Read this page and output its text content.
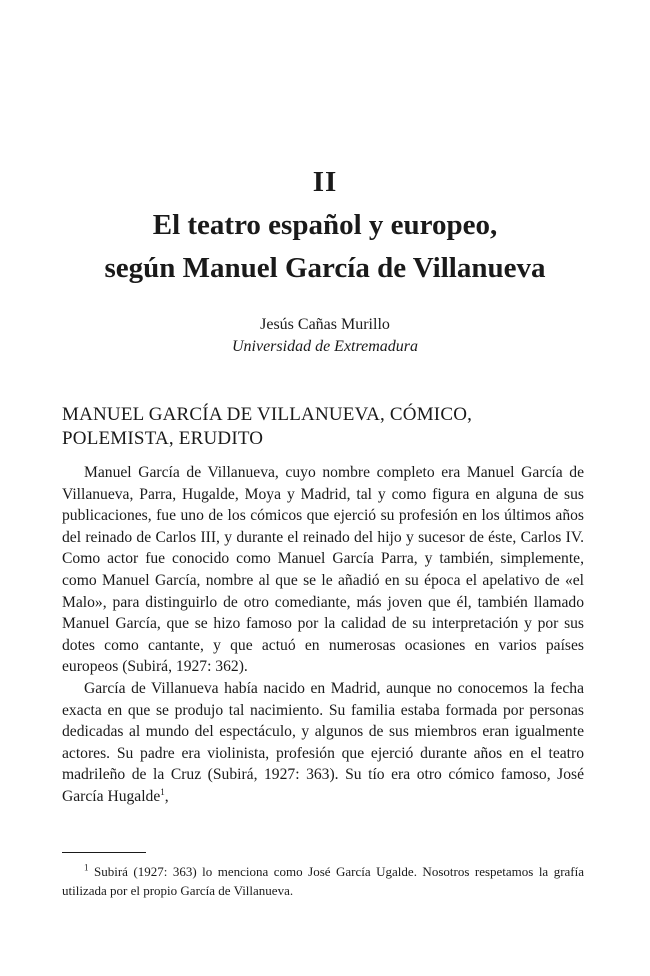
II
El teatro español y europeo,
según Manuel García de Villanueva
Jesús Cañas Murillo
Universidad de Extremadura
MANUEL GARCÍA DE VILLANUEVA, CÓMICO,
POLEMISTA, ERUDITO

Manuel García de Villanueva, cuyo nombre completo era Manuel García de Villanueva, Parra, Hugalde, Moya y Madrid, tal y como figura en alguna de sus publicaciones, fue uno de los cómicos que ejerció su profesión en los últimos años del reinado de Carlos III, y durante el reinado del hijo y sucesor de éste, Carlos IV. Como actor fue conocido como Manuel García Parra, y también, simplemente, como Manuel García, nombre al que se le añadió en su época el apelativo de «el Malo», para distinguirlo de otro comediante, más joven que él, también llamado Manuel García, que se hizo famoso por la calidad de su interpretación y por sus dotes como cantante, y que actuó en numerosas ocasiones en varios países europeos (Subirá, 1927: 362).

García de Villanueva había nacido en Madrid, aunque no conocemos la fecha exacta en que se produjo tal nacimiento. Su familia estaba formada por personas dedicadas al mundo del espectáculo, y algunos de sus miembros eran igualmente actores. Su padre era violinista, profesión que ejerció durante años en el teatro madrileño de la Cruz (Subirá, 1927: 363). Su tío era otro cómico famoso, José García Hugalde$^1$,

$^1$ Subirá (1927: 363) lo menciona como José García Ugalde. Nosotros respetamos la grafía utilizada por el propio García de Villanueva.
